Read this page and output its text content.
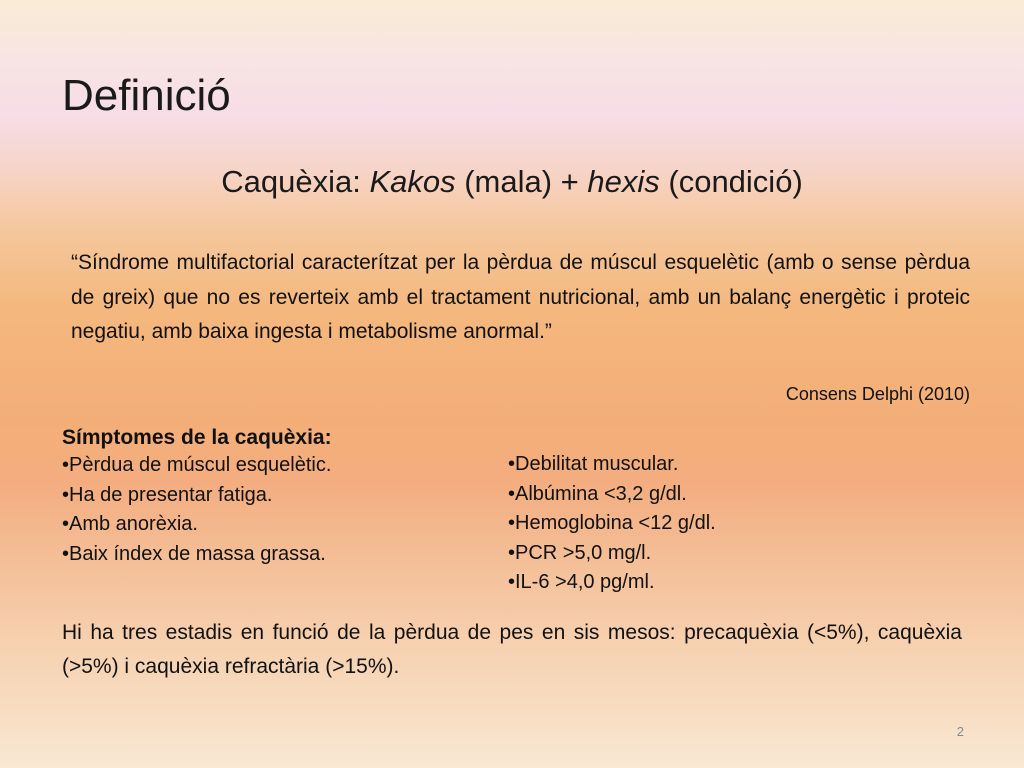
Definició
Caquèxia: Kakos (mala) + hexis (condició)
“Síndrome multifactorial caracterítzat per la pèrdua de múscul esquelètic (amb o sense pèrdua de greix) que no es reverteix amb el tractament nutricional, amb un balanç energètic i proteic negatiu, amb baixa ingesta i metabolisme anormal.”
Consens Delphi (2010)
Símptomes de la caquèxia:
•Pèrdua de múscul esquelètic.
•Ha de presentar fatiga.
•Amb anorèxia.
•Baix índex de massa grassa.
•Debilitat muscular.
•Albúmina <3,2 g/dl.
•Hemoglobina <12 g/dl.
•PCR >5,0 mg/l.
•IL-6 >4,0 pg/ml.
Hi ha tres estadis en funció de la pèrdua de pes en sis mesos: precaquèxia (<5%), caquèxia (>5%) i caquèxia refractària (>15%).
2
